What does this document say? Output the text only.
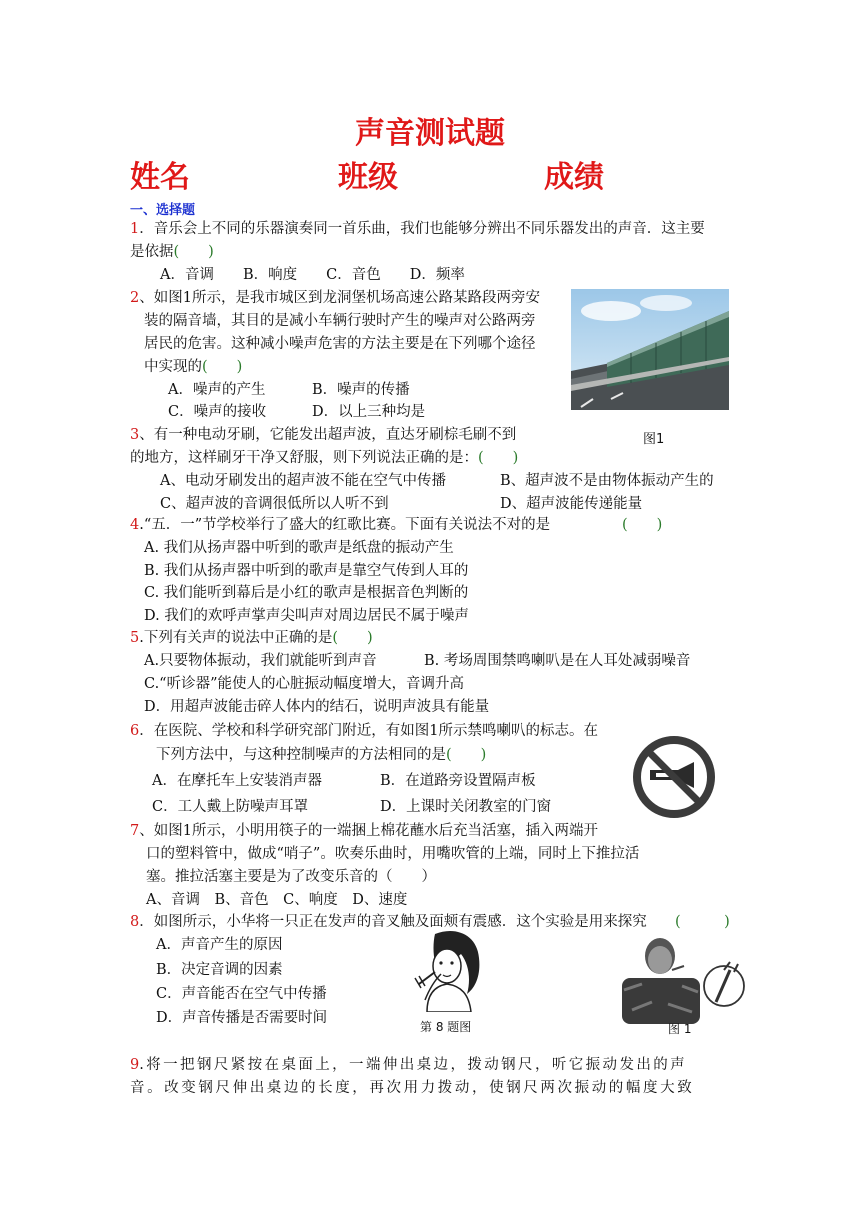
声音测试题
姓名	班级	成绩
一、选择题
1．音乐会上不同的乐器演奏同一首乐曲，我们也能够分辨出不同乐器发出的声音．这主要
是依据(　　)
A．音调　　B．响度　　C．音色　　D．频率
2、如图1所示，是我市城区到龙洞堡机场高速公路某路段两旁安
装的隔音墙，其目的是减小车辆行驶时产生的噪声对公路两旁
居民的危害。这种减小噪声危害的方法主要是在下列哪个途径
中实现的(　　)
A．噪声的产生	B．噪声的传播
C．噪声的接收	D．以上三种均是
图1
3、有一种电动牙刷，它能发出超声波，直达牙刷棕毛刷不到
的地方，这样刷牙干净又舒服，则下列说法正确的是：(　　)
A、电动牙刷发出的超声波不能在空气中传播	B、超声波不是由物体振动产生的
C、超声波的音调很低所以人听不到	D、超声波能传递能量
4.“五．一”节学校举行了盛大的红歌比赛。下面有关说法不对的是	(　　)
A. 我们从扬声器中听到的歌声是纸盘的振动产生
B. 我们从扬声器中听到的歌声是靠空气传到人耳的
C. 我们能听到幕后是小红的歌声是根据音色判断的
D. 我们的欢呼声掌声尖叫声对周边居民不属于噪声
5.下列有关声的说法中正确的是(　　)
A.只要物体振动，我们就能听到声音	B. 考场周围禁鸣喇叭是在人耳处减弱噪音
C.“听诊器”能使人的心脏振动幅度增大，音调升高
D．用超声波能击碎人体内的结石，说明声波具有能量
6．在医院、学校和科学研究部门附近，有如图1所示禁鸣喇叭的标志。在
下列方法中，与这种控制噪声的方法相同的是(　　)
A．在摩托车上安装消声器	B．在道路旁设置隔声板
C．工人戴上防噪声耳罩	D．上课时关闭教室的门窗
7、如图1所示，小明用筷子的一端捆上棉花蘸水后充当活塞，插入两端开
口的塑料管中，做成“哨子”。吹奏乐曲时，用嘴吹管的上端，同时上下推拉活
塞。推拉活塞主要是为了改变乐音的（　　）
A、音调　B、音色　C、响度　D、速度
8．如图所示，小华将一只正在发声的音叉触及面颊有震感．这个实验是用来探究 (　　　)
A．声音产生的原因
B．决定音调的因素
C．声音能否在空气中传播
D．声音传播是否需要时间
第 8 题图	图 1
9.将一把钢尺紧按在桌面上，一端伸出桌边，拨动钢尺，听它振动发出的声
音。改变钢尺伸出桌边的长度，再次用力拨动，使钢尺两次振动的幅度大致
